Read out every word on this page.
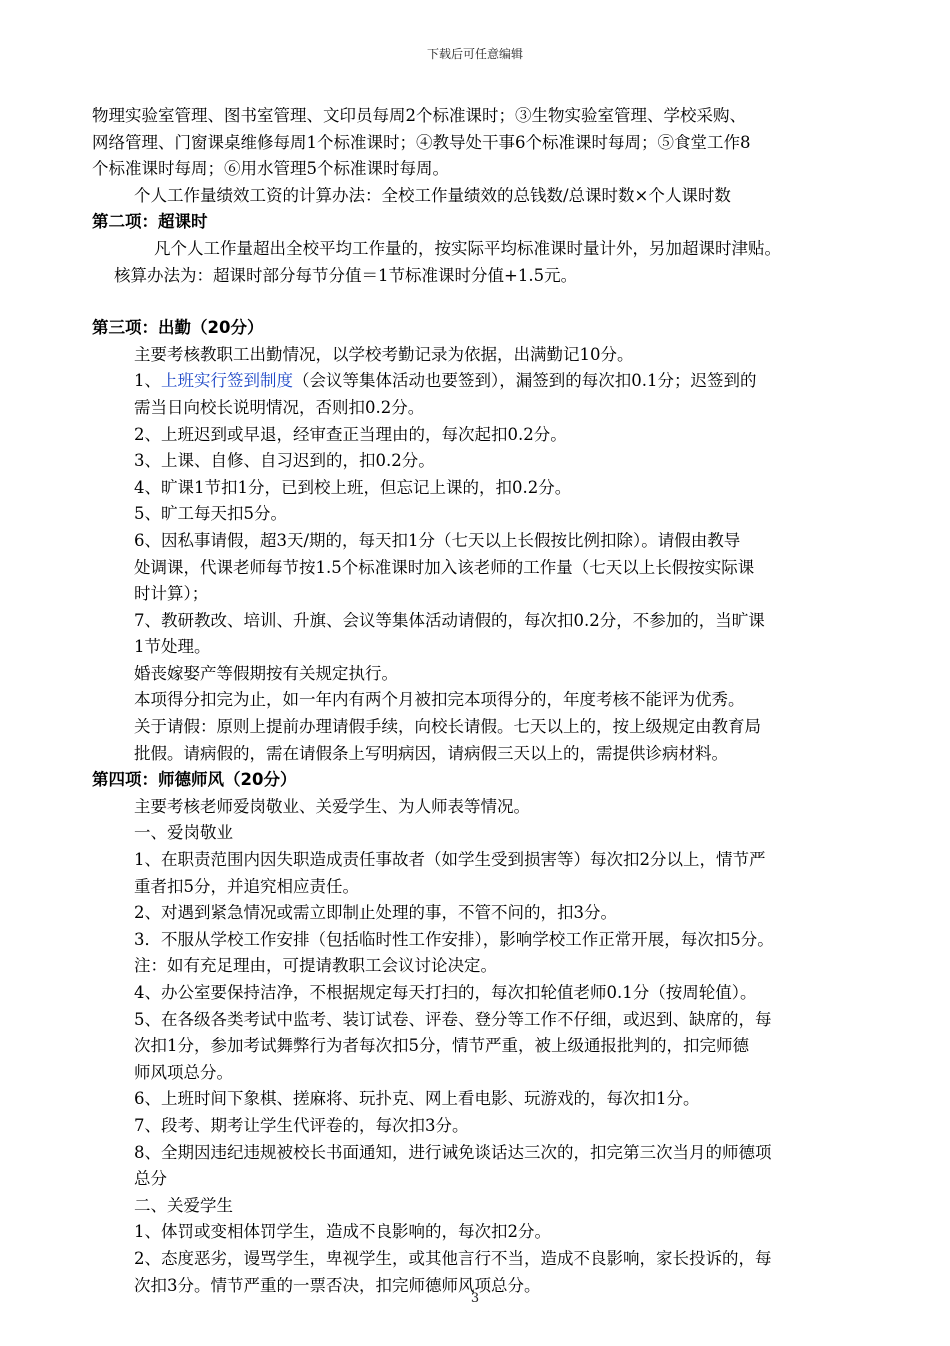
下载后可任意编辑

物理实验室管理、图书室管理、文印员每周2个标准课时；③生物实验室管理、学校采购、

网络管理、门窗课桌维修每周1个标准课时；④教导处干事6个标准课时每周；⑤食堂工作8

个标准课时每周；⑥用水管理5个标准课时每周。

个人工作量绩效工资的计算办法：全校工作量绩效的总钱数/总课时数×个人课时数

第二项：超课时

凡个人工作量超出全校平均工作量的，按实际平均标准课时量计外，另加超课时津贴。

核算办法为：超课时部分每节分值＝1节标准课时分值+1.5元。

第三项：出勤（20分）

主要考核教职工出勤情况，以学校考勤记录为依据，出满勤记10分。

1、上班实行签到制度（会议等集体活动也要签到），漏签到的每次扣0.1分；迟签到的

需当日向校长说明情况，否则扣0.2分。

2、上班迟到或早退，经审查正当理由的，每次起扣0.2分。

3、上课、自修、自习迟到的，扣0.2分。

4、旷课1节扣1分，已到校上班，但忘记上课的，扣0.2分。

5、旷工每天扣5分。

6、因私事请假，超3天/期的，每天扣1分（七天以上长假按比例扣除）。请假由教导

处调课，代课老师每节按1.5个标准课时加入该老师的工作量（七天以上长假按实际课

时计算）；

7、教研教改、培训、升旗、会议等集体活动请假的，每次扣0.2分，不参加的，当旷课

1节处理。

婚丧嫁娶产等假期按有关规定执行。

本项得分扣完为止，如一年内有两个月被扣完本项得分的，年度考核不能评为优秀。

关于请假：原则上提前办理请假手续，向校长请假。七天以上的，按上级规定由教育局

批假。请病假的，需在请假条上写明病因，请病假三天以上的，需提供诊病材料。

第四项：师德师风（20分）

主要考核老师爱岗敬业、关爱学生、为人师表等情况。

一、爱岗敬业

1、在职责范围内因失职造成责任事故者（如学生受到损害等）每次扣2分以上，情节严

重者扣5分，并追究相应责任。

2、对遇到紧急情况或需立即制止处理的事，不管不问的，扣3分。

3．不服从学校工作安排（包括临时性工作安排），影响学校工作正常开展，每次扣5分。

注：如有充足理由，可提请教职工会议讨论决定。

4、办公室要保持洁净，不根据规定每天打扫的，每次扣轮值老师0.1分（按周轮值）。

5、在各级各类考试中监考、装订试卷、评卷、登分等工作不仔细，或迟到、缺席的，每

次扣1分，参加考试舞弊行为者每次扣5分，情节严重，被上级通报批判的，扣完师德

师风项总分。

6、上班时间下象棋、搓麻将、玩扑克、网上看电影、玩游戏的，每次扣1分。

7、段考、期考让学生代评卷的，每次扣3分。

8、全期因违纪违规被校长书面通知，进行诫免谈话达三次的，扣完第三次当月的师德项

总分

二、关爱学生

1、体罚或变相体罚学生，造成不良影响的，每次扣2分。

2、态度恶劣，谩骂学生，卑视学生，或其他言行不当，造成不良影响，家长投诉的，每

次扣3分。情节严重的一票否决，扣完师德师风项总分。

3
